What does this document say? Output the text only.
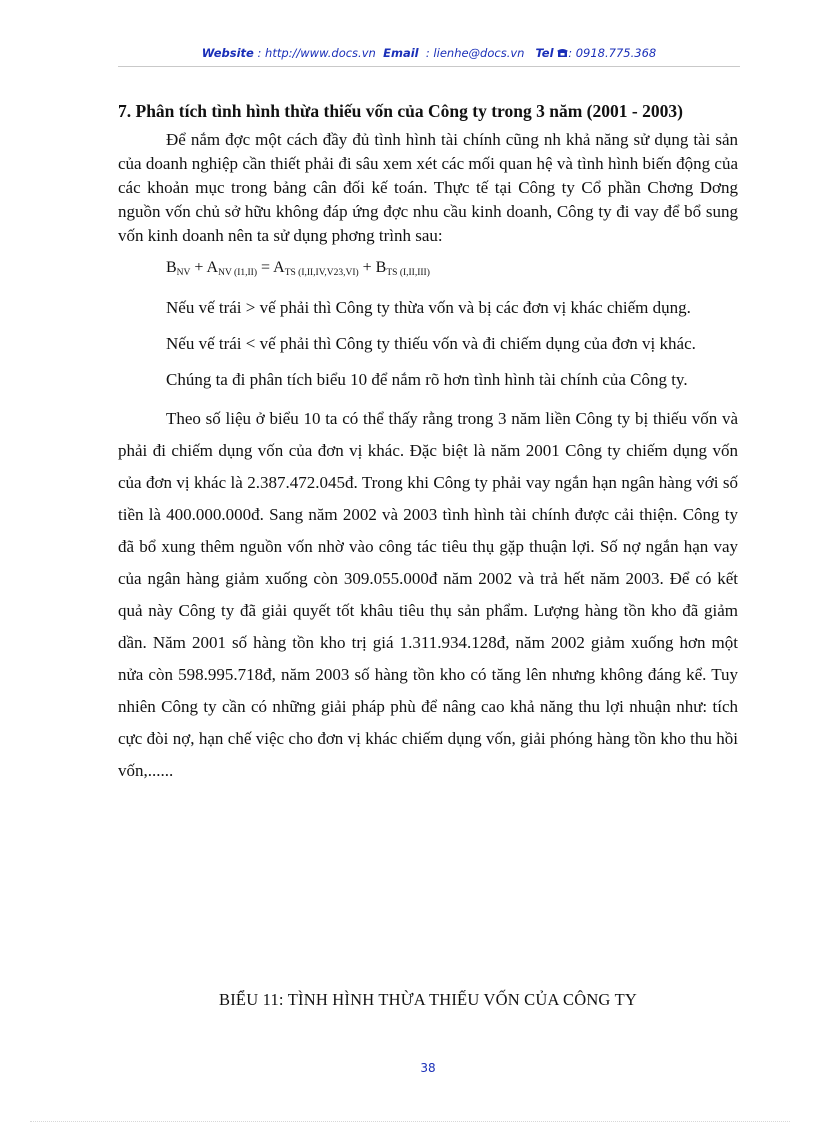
Website : http://www.docs.vn Email : lienhe@docs.vn Tel : 0918.775.368

7. Phân tích tình hình thừa thiếu vốn của Công ty trong 3 năm (2001 - 2003)

Để nắm đợc một cách đầy đủ tình hình tài chính cũng nh khả năng sử dụng tài sản của doanh nghiệp cần thiết phải đi sâu xem xét các mối quan hệ và tình hình biến động của các khoản mục trong bảng cân đối kế toán. Thực tế tại Công ty Cổ phần Chơng Dơng nguồn vốn chủ sở hữu không đáp ứng đợc nhu cầu kinh doanh, Công ty đi vay để bổ sung vốn kinh doanh nên ta sử dụng phơng trình sau:

$B_{NV} + A_{NV (I1,II)} = A_{TS (I,II,IV,V23,VI)} + B_{TS (I,II,III)}$

Nếu vế trái > vế phải thì Công ty thừa vốn và bị các đơn vị khác chiếm dụng.

Nếu vế trái < vế phải thì Công ty thiếu vốn và đi chiếm dụng của đơn vị khác.

Chúng ta đi phân tích biểu 10 để nắm rõ hơn tình hình tài chính của Công ty.

Theo số liệu ở biểu 10 ta có thể thấy rằng trong 3 năm liền Công ty bị thiếu vốn và phải đi chiếm dụng vốn của đơn vị khác. Đặc biệt là năm 2001 Công ty chiếm dụng vốn của đơn vị khác là 2.387.472.045đ. Trong khi Công ty phải vay ngắn hạn ngân hàng với số tiền là 400.000.000đ. Sang năm 2002 và 2003 tình hình tài chính được cải thiện. Công ty đã bổ xung thêm nguồn vốn nhờ vào công tác tiêu thụ gặp thuận lợi. Số nợ ngắn hạn vay của ngân hàng giảm xuống còn 309.055.000đ năm 2002 và trả hết năm 2003. Để có kết quả này Công ty đã giải quyết tốt khâu tiêu thụ sản phẩm. Lượng hàng tồn kho đã giảm dần. Năm 2001 số hàng tồn kho trị giá 1.311.934.128đ, năm 2002 giảm xuống hơn một nửa còn 598.995.718đ, năm 2003 số hàng tồn kho có tăng lên nhưng không đáng kể. Tuy nhiên Công ty cần có những giải pháp phù để nâng cao khả năng thu lợi nhuận như: tích cực đòi nợ, hạn chế việc cho đơn vị khác chiếm dụng vốn, giải phóng hàng tồn kho thu hồi vốn,......

BIỂU 11: TÌNH HÌNH THỪA THIẾU VỐN CỦA CÔNG TY
38
